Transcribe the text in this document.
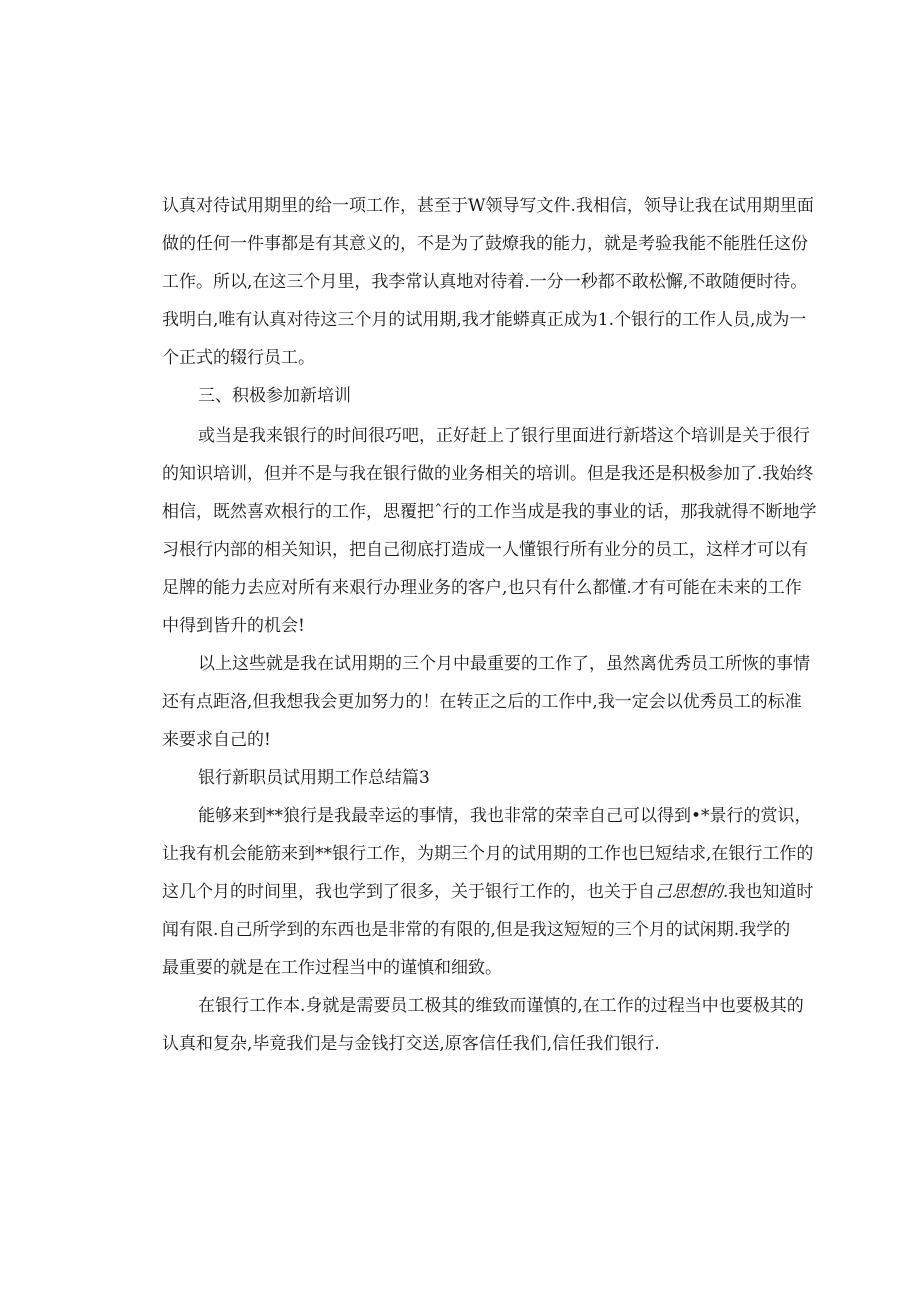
认真对待试用期里的给一项工作，甚至于W领导写文件.我相信，领导让我在试用期里面
做的任何一件事都是有其意义的，不是为了鼓燎我的能力，就是考验我能不能胜任这份
工作。所以,在这三个月里，我李常认真地对待着.一分一秒都不敢松懈,不敢随便时待。
我明白,唯有认真对待这三个月的试用期,我才能蟒真正成为1.个银行的工作人员,成为一
个正式的辍行员工。
三、积极参加新培训
或当是我来银行的时间很巧吧，正好赶上了银行里面进行新塔这个培训是关于很行
的知识培训，但并不是与我在银行做的业务相关的培训。但是我还是积极参加了.我始终
相信，既然喜欢根行的工作，思覆把ˆ行的工作当成是我的事业的话，那我就得不断地学
习根行内部的相关知识，把自己彻底打造成一人懂银行所有业分的员工，这样才可以有
足牌的能力去应对所有来艰行办理业务的客户,也只有什么都懂.才有可能在未来的工作
中得到皆升的机会!
以上这些就是我在试用期的三个月中最重要的工作了，虽然离优秀员工所恢的事情
还有点距洛,但我想我会更加努力的！在转正之后的工作中,我一定会以优秀员工的标准
来要求自己的!
银行新职员试用期工作总结篇3
能够来到**狼行是我最幸运的事情，我也非常的荣幸自己可以得到•*景行的赏识，
让我有机会能筋来到**银行工作，为期三个月的试用期的工作也巳短结求,在银行工作的
这几个月的时间里，我也学到了很多，关于银行工作的，也关于自 己思想的. 我也知道时
闻有限.自己所学到的东西也是非常的有限的,但是我这短短的三个月的试闲期.我学的
最重要的就是在工作过程当中的谨慎和细致。
在银行工作本.身就是需要员工极其的维致而谨慎的,在工作的过程当中也要极其的
认真和复杂,毕竟我们是与金钱打交送,原客信任我们,信任我们银行.
